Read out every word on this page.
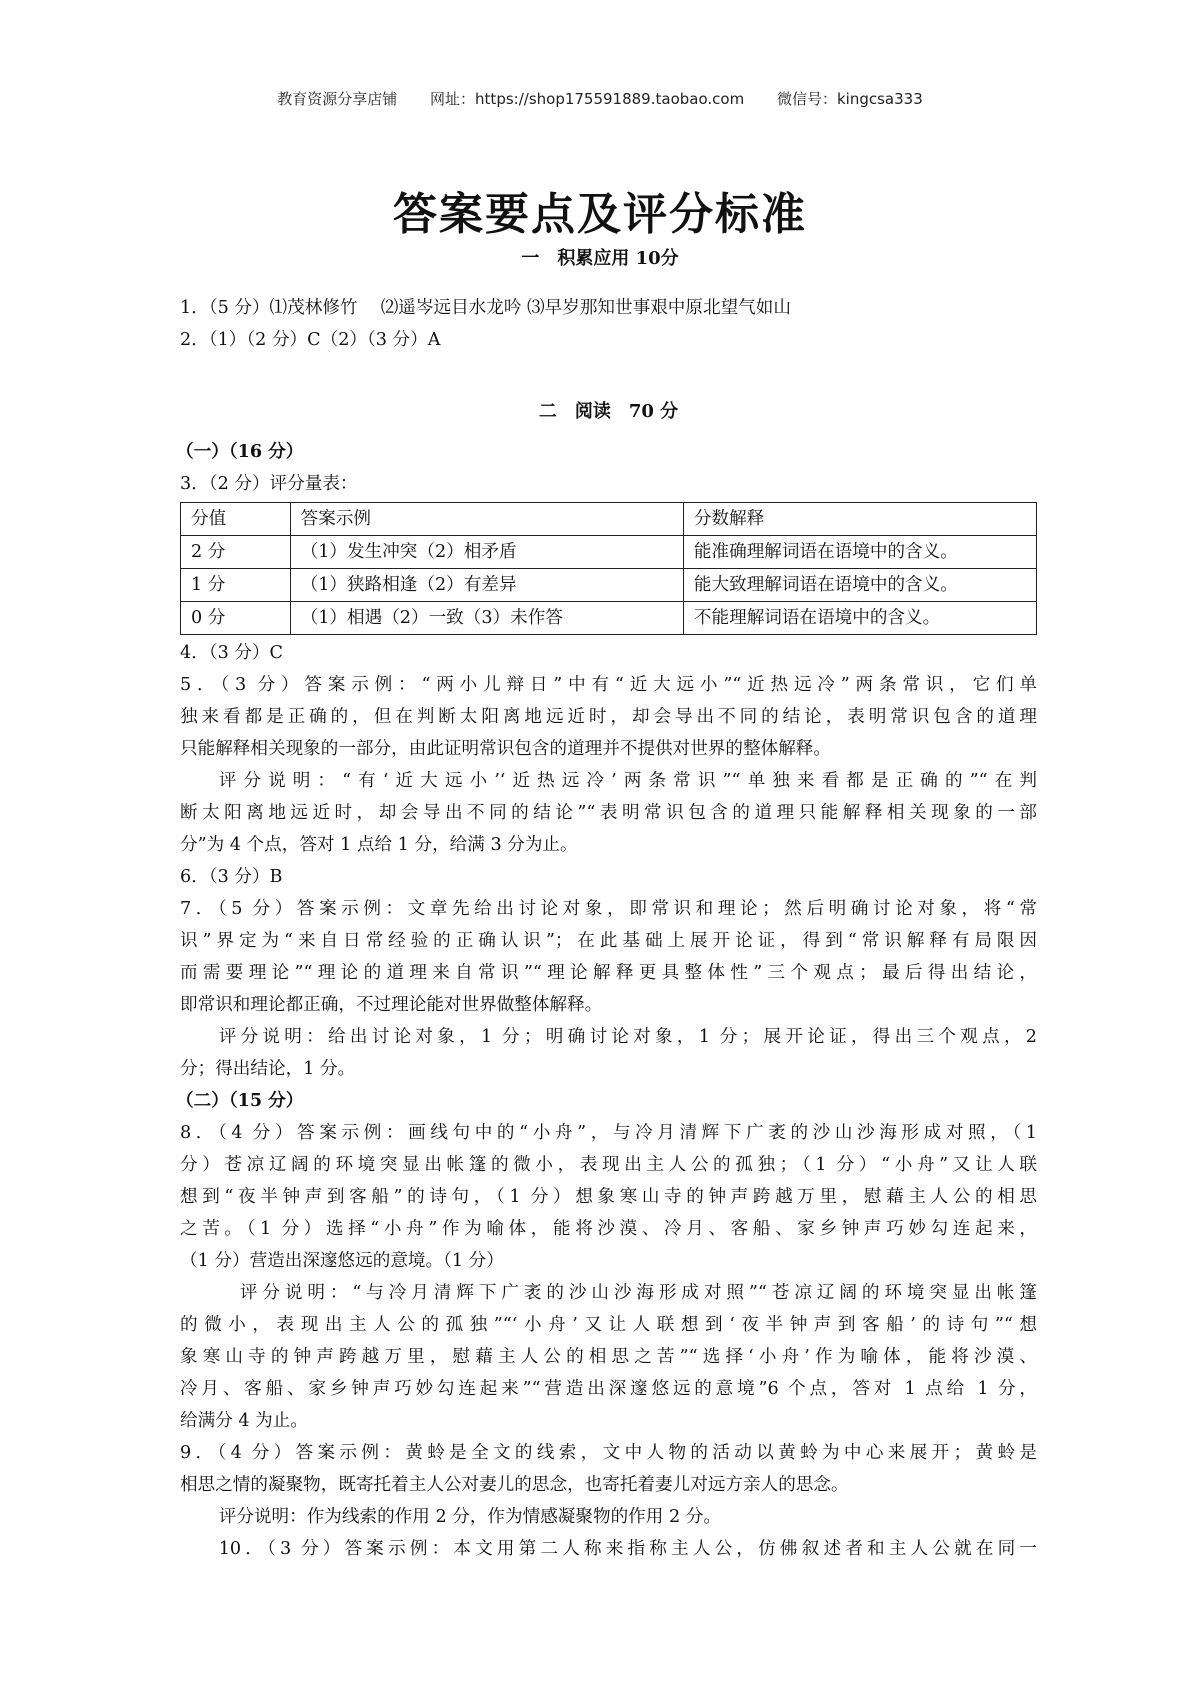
教育资源分享店铺 网址：https://shop175591889.taobao.com 微信号：kingcsa333
答案要点及评分标准
一　积累应用 10分
1．（5 分）⑴茂林修竹　 ⑵遥岑远目水龙吟 ⑶早岁那知世事艰中原北望气如山
2．（1）（2 分）C（2）（3 分）A
二　阅读　70 分
（一）（16 分）
3．（2 分）评分量表：
分值	答案示例	分数解释
2 分	（1）发生冲突（2）相矛盾	能准确理解词语在语境中的含义。
1 分	（1）狭路相逢（2）有差异	能大致理解词语在语境中的含义。
0 分	（1）相遇（2）一致（3）未作答	不能理解词语在语境中的含义。
4．（3 分）C
5．（3 分）答案示例：“两小儿辩日”中有“近大远小”“近热远冷”两条常识，它们单
独来看都是正确的，但在判断太阳离地远近时，却会导出不同的结论，表明常识包含的道理
只能解释相关现象的一部分，由此证明常识包含的道理并不提供对世界的整体解释。
评分说明：“有‘近大远小’‘近热远冷’两条常识”“单独来看都是正确的”“在判
断太阳离地远近时，却会导出不同的结论”“表明常识包含的道理只能解释相关现象的一部
分”为 4 个点，答对 1 点给 1 分，给满 3 分为止。
6．（3 分）B
7．（5 分）答案示例：文章先给出讨论对象，即常识和理论；然后明确讨论对象，将“常
识”界定为“来自日常经验的正确认识”；在此基础上展开论证，得到“常识解释有局限因
而需要理论”“理论的道理来自常识”“理论解释更具整体性”三个观点；最后得出结论，
即常识和理论都正确，不过理论能对世界做整体解释。
评分说明：给出讨论对象，1 分；明确讨论对象，1 分；展开论证，得出三个观点，2
分；得出结论，1 分。
（二）（15 分）
8．（4 分）答案示例：画线句中的“小舟”，与冷月清辉下广袤的沙山沙海形成对照，（1
分）苍凉辽阔的环境突显出帐篷的微小，表现出主人公的孤独；（1 分）“小舟”又让人联
想到“夜半钟声到客船”的诗句，（1 分）想象寒山寺的钟声跨越万里，慰藉主人公的相思
之苦。（1 分）选择“小舟”作为喻体，能将沙漠、冷月、客船、家乡钟声巧妙勾连起来，
（1 分）营造出深邃悠远的意境。（1 分）
评分说明：“与冷月清辉下广袤的沙山沙海形成对照”“苍凉辽阔的环境突显出帐篷
的微小，表现出主人公的孤独”“‘小舟’又让人联想到‘夜半钟声到客船’的诗句”“想
象寒山寺的钟声跨越万里，慰藉主人公的相思之苦”“选择‘小舟’作为喻体，能将沙漠、
冷月、客船、家乡钟声巧妙勾连起来”“营造出深邃悠远的意境”6 个点，答对 1 点给 1 分，
给满分 4 为止。
9．（4 分）答案示例：黄蛉是全文的线索，文中人物的活动以黄蛉为中心来展开；黄蛉是
相思之情的凝聚物，既寄托着主人公对妻儿的思念，也寄托着妻儿对远方亲人的思念。
评分说明：作为线索的作用 2 分，作为情感凝聚物的作用 2 分。
10．（3 分）答案示例：本文用第二人称来指称主人公，仿佛叙述者和主人公就在同一
